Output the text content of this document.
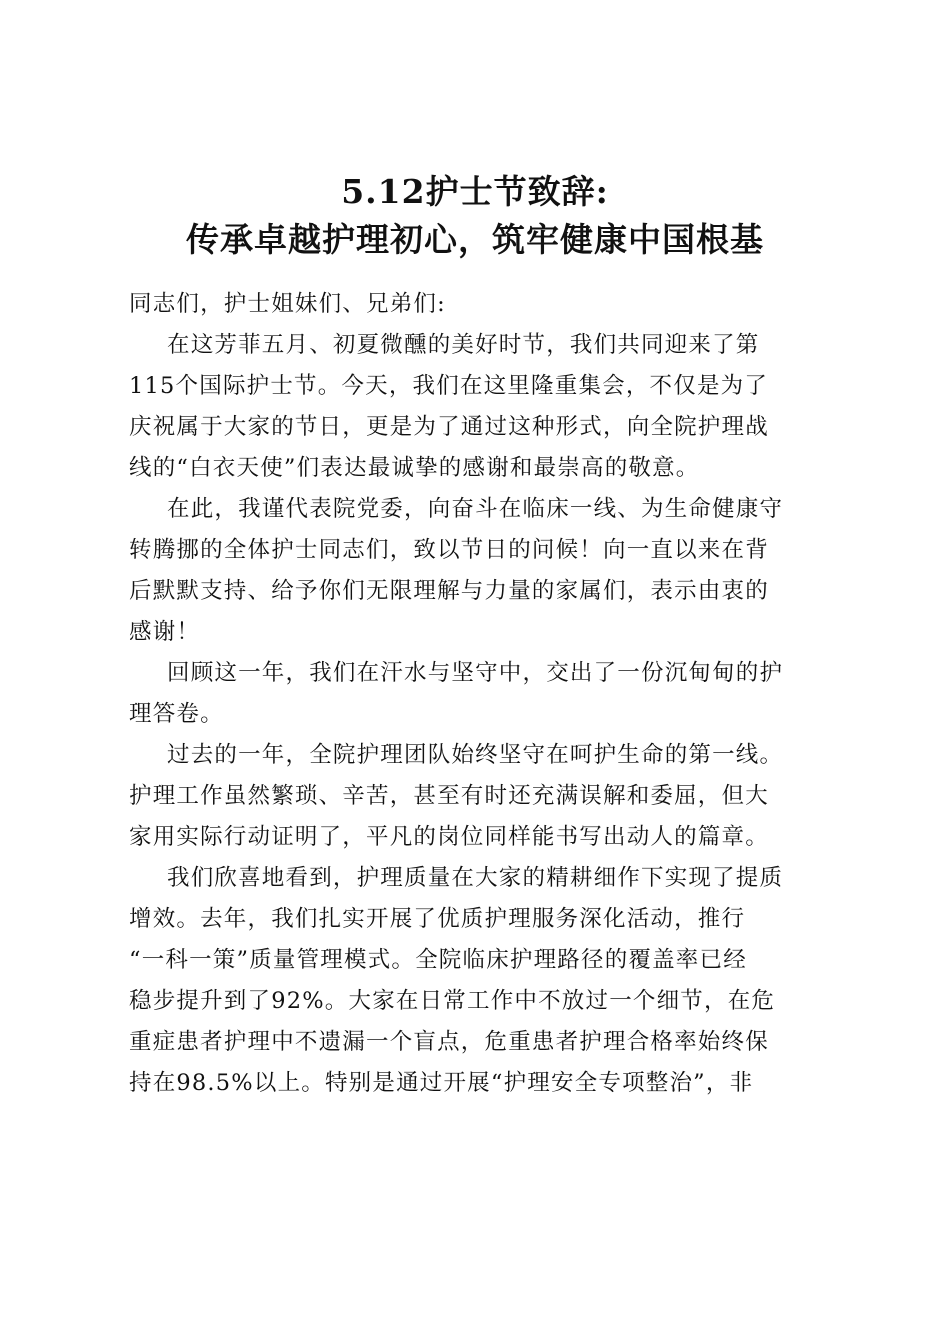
5.12护士节致辞:
传承卓越护理初心，筑牢健康中国根基
同志们，护士姐妹们、兄弟们:
在这芳菲五月、初夏微醺的美好时节，我们共同迎来了第
115个国际护士节。今天，我们在这里隆重集会，不仅是为了
庆祝属于大家的节日，更是为了通过这种形式，向全院护理战
线的“白衣天使”们表达最诚挚的感谢和最崇高的敬意。
在此，我谨代表院党委，向奋斗在临床一线、为生命健康守
转腾挪的全体护士同志们，致以节日的问候！向一直以来在背
后默默支持、给予你们无限理解与力量的家属们，表示由衷的
感谢！
回顾这一年，我们在汗水与坚守中，交出了一份沉甸甸的护
理答卷。
过去的一年，全院护理团队始终坚守在呵护生命的第一线。
护理工作虽然繁琐、辛苦，甚至有时还充满误解和委屈，但大
家用实际行动证明了，平凡的岗位同样能书写出动人的篇章。
我们欣喜地看到，护理质量在大家的精耕细作下实现了提质
增效。去年，我们扎实开展了优质护理服务深化活动，推行
“一科一策”质量管理模式。全院临床护理路径的覆盖率已经
稳步提升到了92%。大家在日常工作中不放过一个细节，在危
重症患者护理中不遗漏一个盲点，危重患者护理合格率始终保
持在98.5%以上。特别是通过开展“护理安全专项整治”，非
